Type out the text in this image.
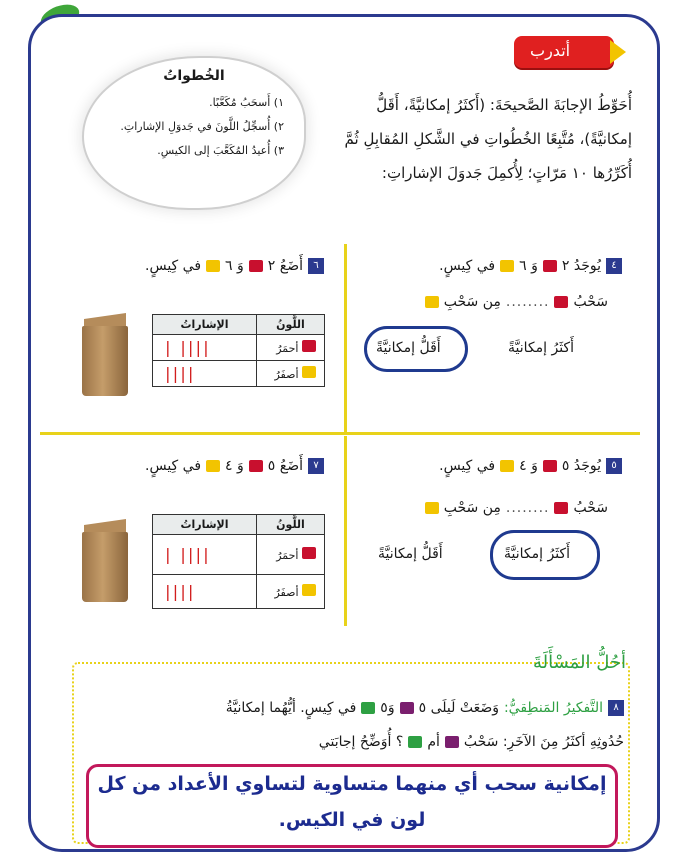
أتدرب
الخُطواتُ
١) أَسحَبُ مُكَعَّبًا.
٢) أُسجِّلُ اللَّونَ في جَدوَلِ الإشاراتِ.
٣) أُعيدُ المُكَعَّبَ إلى الكيسِ.
أُحَوِّطُ الإجابَةَ الصَّحيحَةَ: (أَكثَرُ إمكانيَّةً، أَقَلُّ
إمكانيَّةً)، مُتَّبِعًا الخُطُواتِ في الشَّكلِ المُقابِلِ ثُمَّ
أُكَرِّرُها ١٠ مَرّاتٍ؛ لِأُكمِلَ جَدوَلَ الإشاراتِ:
٤
يُوجَدُ ٢
وَ ٦
في كِيسٍ.
سَحْبُ
........
مِن سَحْبِ
أَكثَرُ إمكانيَّةً
أَقَلُّ إمكانيَّةً
٥
يُوجَدُ ٥
وَ ٤
في كِيسٍ.
سَحْبُ
........
مِن سَحْبِ
أَكثَرُ إمكانيَّةً
أَقَلُّ إمكانيَّةً
٦
أَضَعُ ٢
وَ ٦
في كِيسٍ.
اللَّونُ	الإشاراتُ
أحمَرُ	|||| |
أصفَرُ	||||
٧
أَضَعُ ٥
وَ ٤
في كِيسٍ.
اللَّونُ	الإشاراتُ
أحمَرُ	|||| |
أصفَرُ	||||
أحُلُّ المَسْأَلَةَ
٨
التَّفكيرُ المَنطِقيُّ:
وَضَعَتْ لَيلَى ٥
وَ٥
في كِيسٍ. أيُّهُما إمكانيَّةُ
حُدُوثِهِ أكثَرُ مِنَ الآخَرِ: سَحْبُ
أم
؟ أُوَضِّحُ إجابَتي
إمكانية سحب أي منهما متساوية لتساوي الأعداد من كل
لون في الكيس.
